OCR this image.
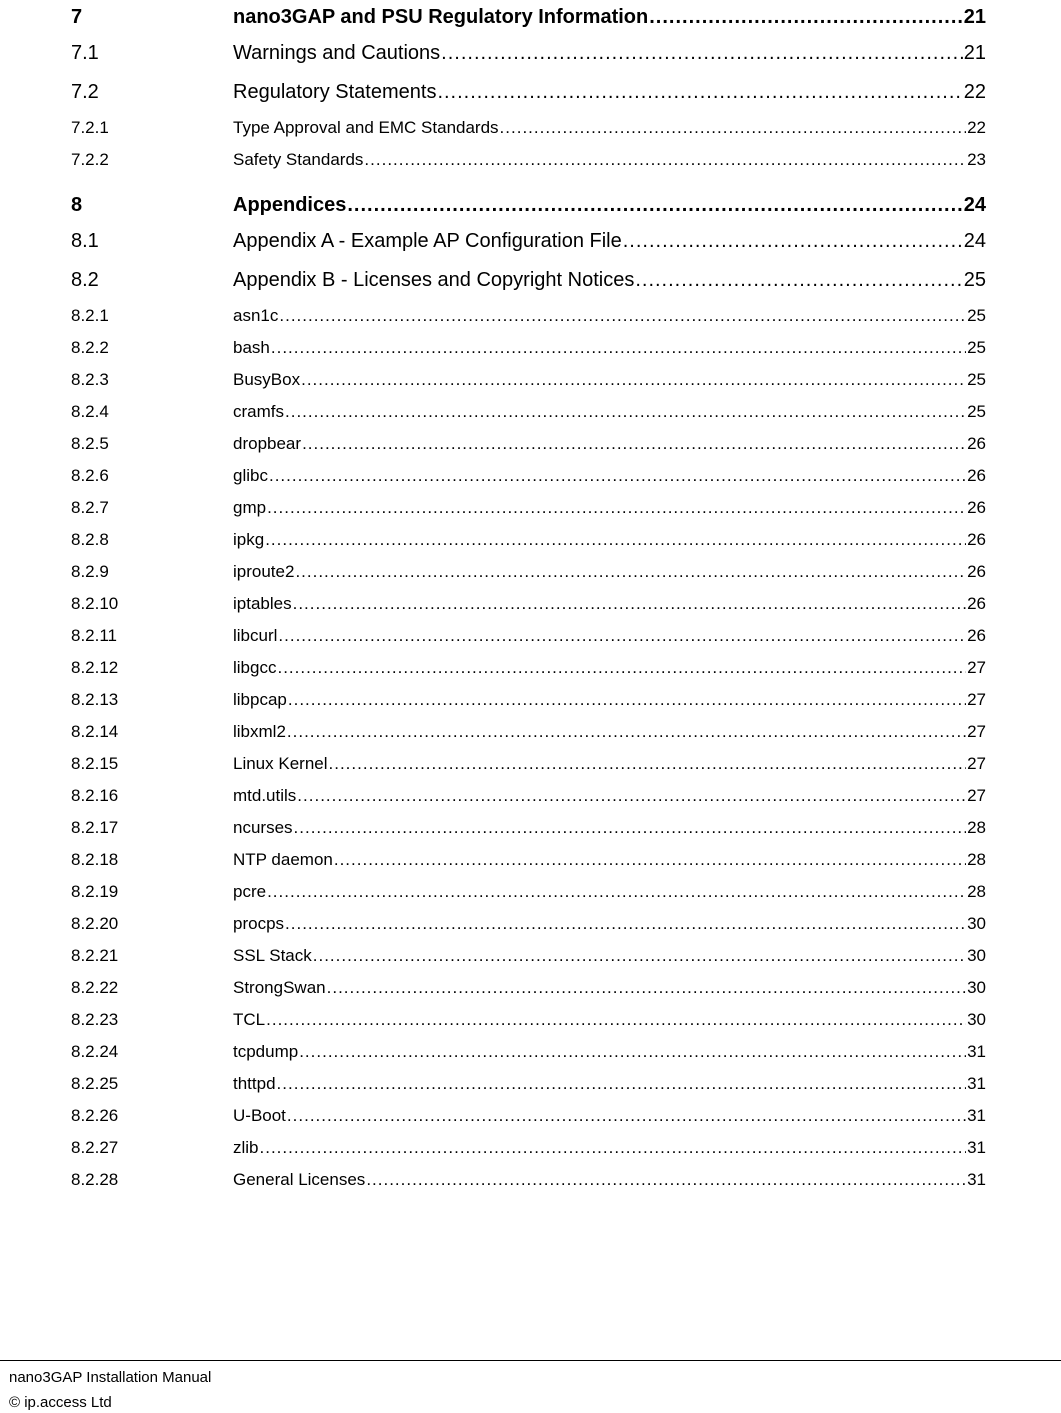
7	nano3GAP and PSU Regulatory Information .....	21
7.1	Warnings and Cautions .....	21
7.2	Regulatory Statements .....	22
7.2.1	Type Approval and EMC Standards .....	22
7.2.2	Safety Standards .....	23
8	Appendices .....	24
8.1	Appendix A - Example AP Configuration File .....	24
8.2	Appendix B - Licenses and Copyright Notices .....	25
8.2.1	asn1c .....	25
8.2.2	bash .....	25
8.2.3	BusyBox .....	25
8.2.4	cramfs .....	25
8.2.5	dropbear .....	26
8.2.6	glibc .....	26
8.2.7	gmp .....	26
8.2.8	ipkg .....	26
8.2.9	iproute2 .....	26
8.2.10	iptables .....	26
8.2.11	libcurl .....	26
8.2.12	libgcc .....	27
8.2.13	libpcap .....	27
8.2.14	libxml2 .....	27
8.2.15	Linux Kernel .....	27
8.2.16	mtd.utils .....	27
8.2.17	ncurses .....	28
8.2.18	NTP daemon .....	28
8.2.19	pcre .....	28
8.2.20	procps .....	30
8.2.21	SSL Stack .....	30
8.2.22	StrongSwan .....	30
8.2.23	TCL .....	30
8.2.24	tcpdump .....	31
8.2.25	thttpd .....	31
8.2.26	U-Boot .....	31
8.2.27	zlib .....	31
8.2.28	General Licenses .....	31
nano3GAP Installation Manual
© ip.access Ltd
